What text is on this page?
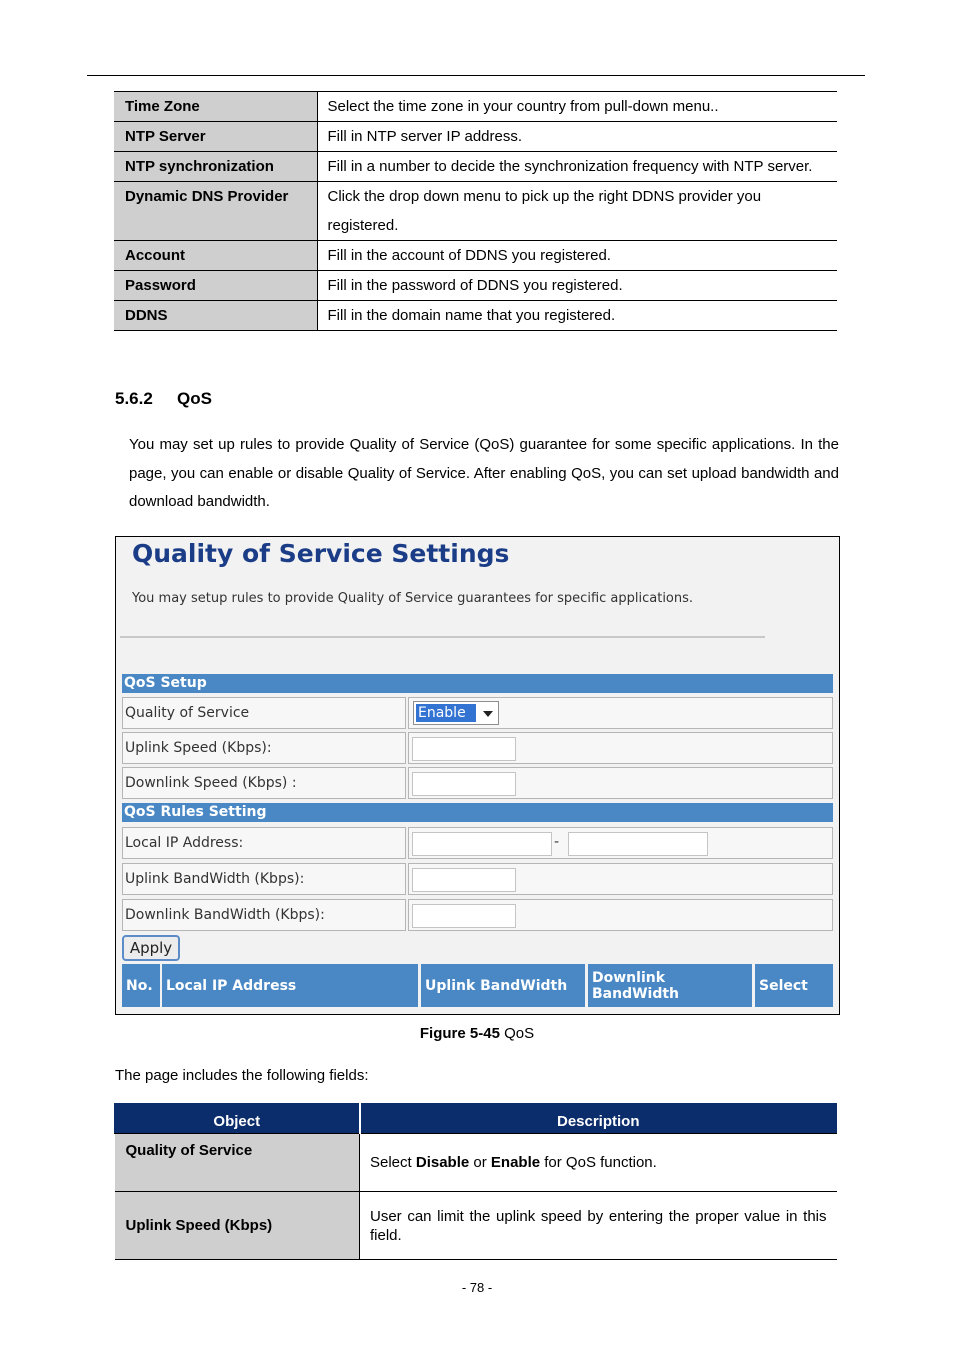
Time Zone	Select the time zone in your country from pull-down menu..
NTP Server	Fill in NTP server IP address.
NTP synchronization	Fill in a number to decide the synchronization frequency with NTP server.
Dynamic DNS Provider	Click the drop down menu to pick up the right DDNS provider you registered.
Account	Fill in the account of DDNS you registered.
Password	Fill in the password of DDNS you registered.
DDNS	Fill in the domain name that you registered.
5.6.2 QoS

You may set up rules to provide Quality of Service (QoS) guarantee for some specific applications. In the page, you can enable or disable Quality of Service. After enabling QoS, you can set upload bandwidth and download bandwidth.

Quality of Service Settings
You may setup rules to provide Quality of Service guarantees for specific applications.
QoS Setup
Quality of Service	Enable
Uplink Speed (Kbps):
Downlink Speed (Kbps) :
QoS Rules Setting
Local IP Address:	-
Uplink BandWidth (Kbps):
Downlink BandWidth (Kbps):
Apply
No. Local IP Address	Uplink BandWidth	Downlink BandWidth	Select
Figure 5-45 QoS

The page includes the following fields:

Object	Description
Quality of Service	Select Disable or Enable for QoS function.
Uplink Speed (Kbps)	User can limit the uplink speed by entering the proper value in this field.
- 78 -
